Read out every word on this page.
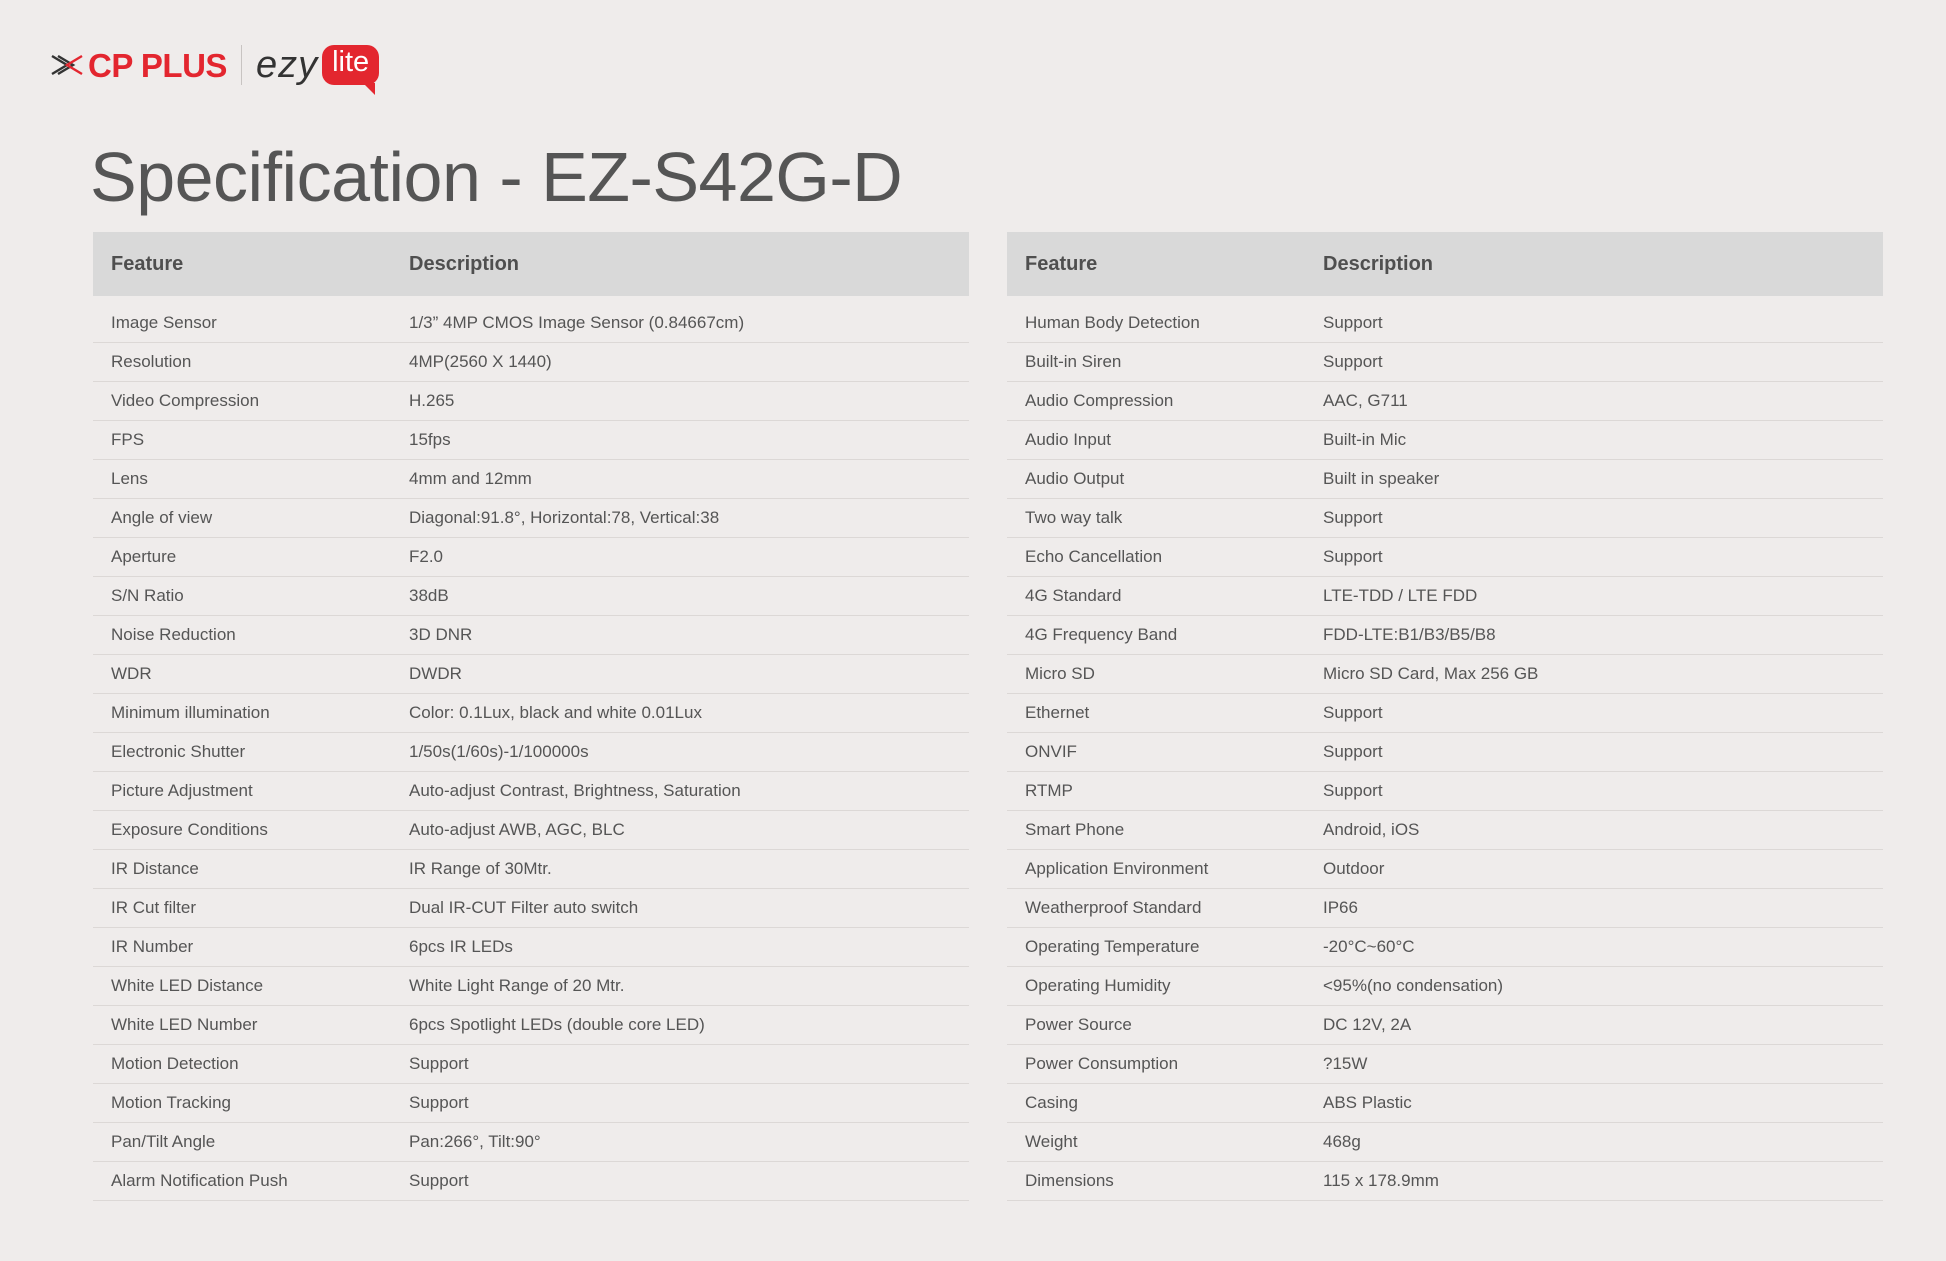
CP PLUS ezy lite
Specification - EZ-S42G-D
Feature	Description

Image Sensor	1/3” 4MP CMOS Image Sensor (0.84667cm)
Resolution	4MP(2560 X 1440)
Video Compression	H.265
FPS	15fps
Lens	4mm and 12mm
Angle of view	Diagonal:91.8°, Horizontal:78, Vertical:38
Aperture	F2.0
S/N Ratio	38dB
Noise Reduction	3D DNR
WDR	DWDR
Minimum illumination	Color: 0.1Lux, black and white 0.01Lux
Electronic Shutter	1/50s(1/60s)-1/100000s
Picture Adjustment	Auto-adjust Contrast, Brightness, Saturation
Exposure Conditions	Auto-adjust AWB, AGC, BLC
IR Distance	IR Range of 30Mtr.
IR Cut filter	Dual IR-CUT Filter auto switch
IR Number	6pcs IR LEDs
White LED Distance	White Light Range of 20 Mtr.
White LED Number	6pcs Spotlight LEDs (double core LED)
Motion Detection	Support
Motion Tracking	Support
Pan/Tilt Angle	Pan:266°, Tilt:90°
Alarm Notification Push	Support
Feature	Description

Human Body Detection	Support
Built-in Siren	Support
Audio Compression	AAC, G711
Audio Input	Built-in Mic
Audio Output	Built in speaker
Two way talk	Support
Echo Cancellation	Support
4G Standard	LTE-TDD / LTE FDD
4G Frequency Band	FDD-LTE:B1/B3/B5/B8
Micro SD	Micro SD Card, Max 256 GB
Ethernet	Support
ONVIF	Support
RTMP	Support
Smart Phone	Android, iOS
Application Environment	Outdoor
Weatherproof Standard	IP66
Operating Temperature	-20°C~60°C
Operating Humidity	<95%(no condensation)
Power Source	DC 12V, 2A
Power Consumption	?15W
Casing	ABS Plastic
Weight	468g
Dimensions	115 x 178.9mm
